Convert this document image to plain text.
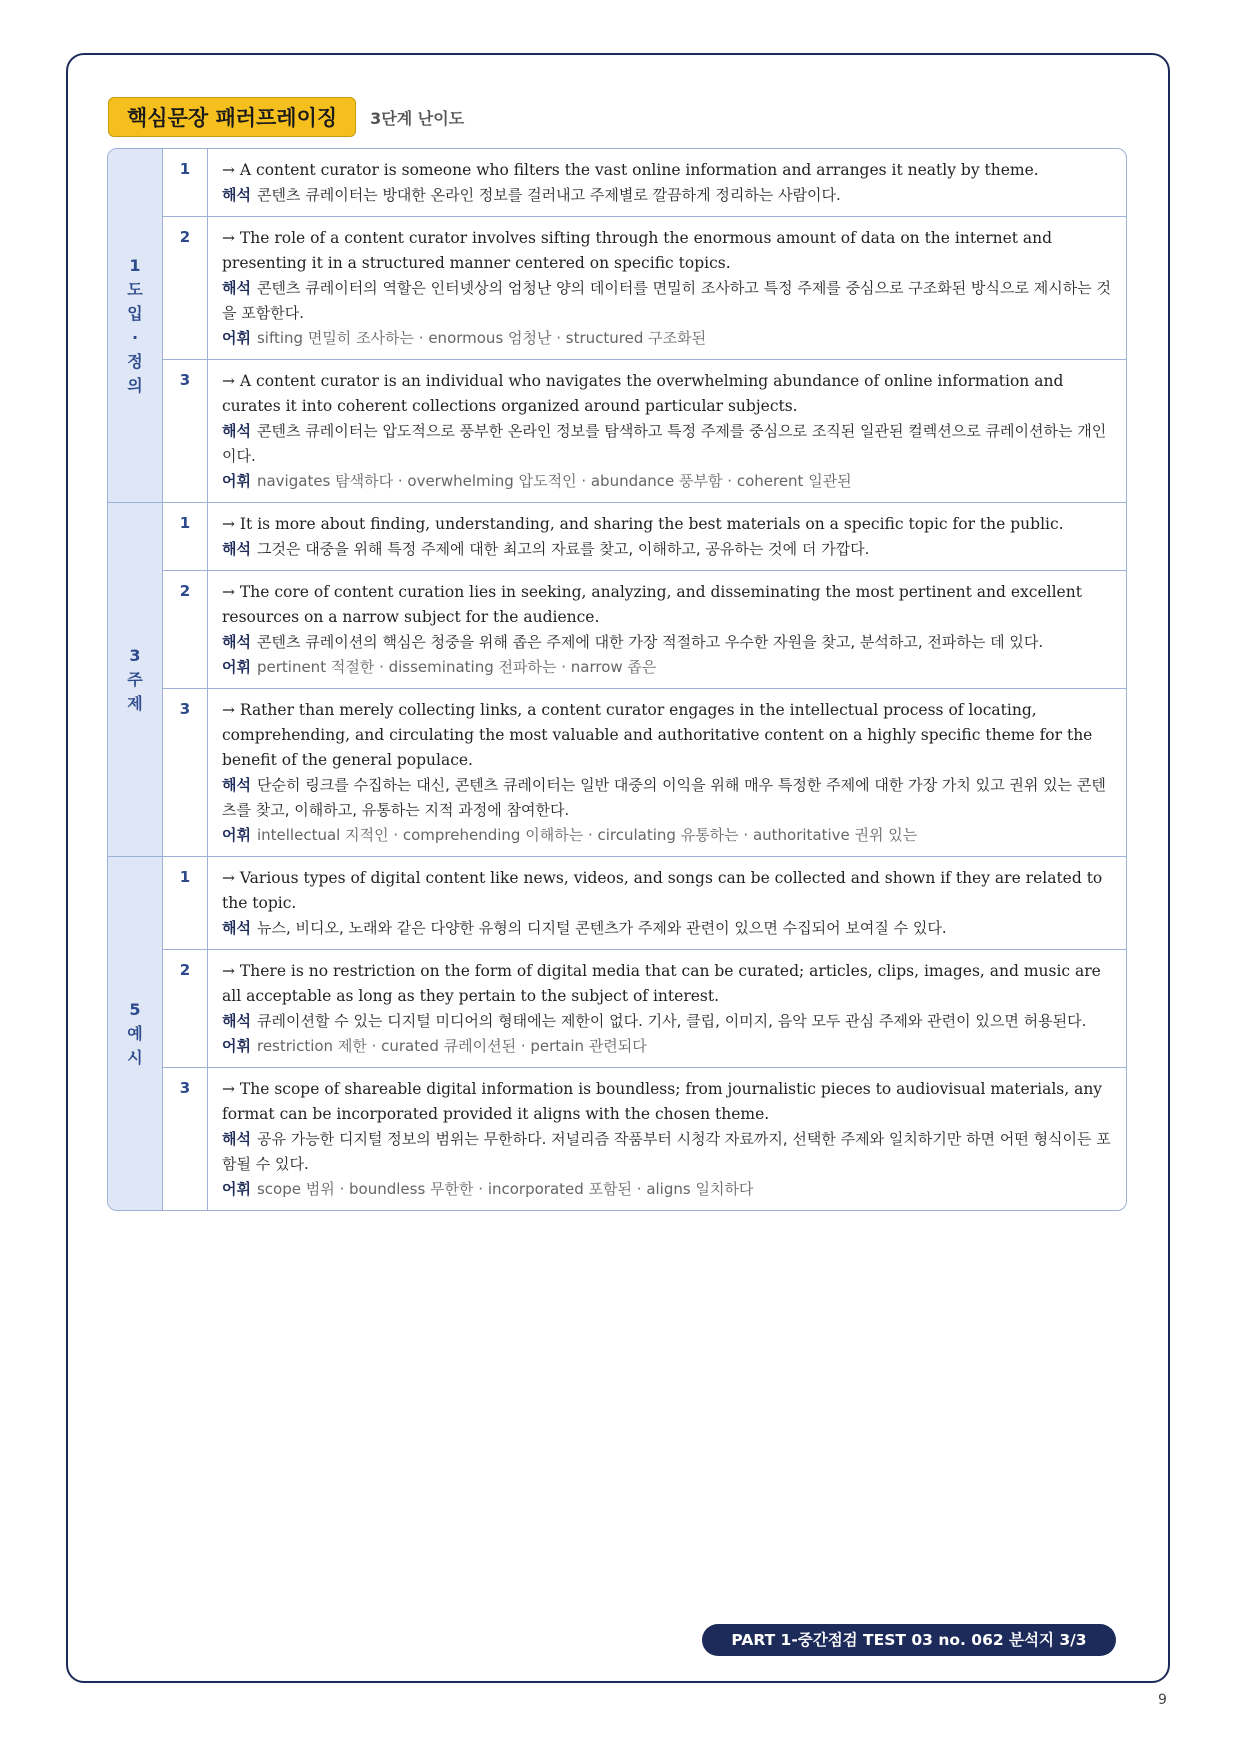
핵심문장 패러프레이징	3단계 난이도
1 도입·정의
1	→ A content curator is someone who filters the vast online information and arranges it neatly by theme.
해석 콘텐츠 큐레이터는 방대한 온라인 정보를 걸러내고 주제별로 깔끔하게 정리하는 사람이다.
2	→ The role of a content curator involves sifting through the enormous amount of data on the internet and presenting it in a structured manner centered on specific topics.
해석 콘텐츠 큐레이터의 역할은 인터넷상의 엄청난 양의 데이터를 면밀히 조사하고 특정 주제를 중심으로 구조화된 방식으로 제시하는 것을 포함한다.
어휘 sifting 면밀히 조사하는 · enormous 엄청난 · structured 구조화된
3	→ A content curator is an individual who navigates the overwhelming abundance of online information and curates it into coherent collections organized around particular subjects.
해석 콘텐츠 큐레이터는 압도적으로 풍부한 온라인 정보를 탐색하고 특정 주제를 중심으로 조직된 일관된 컬렉션으로 큐레이션하는 개인이다.
어휘 navigates 탐색하다 · overwhelming 압도적인 · abundance 풍부함 · coherent 일관된
3 주제
1	→ It is more about finding, understanding, and sharing the best materials on a specific topic for the public.
해석 그것은 대중을 위해 특정 주제에 대한 최고의 자료를 찾고, 이해하고, 공유하는 것에 더 가깝다.
2	→ The core of content curation lies in seeking, analyzing, and disseminating the most pertinent and excellent resources on a narrow subject for the audience.
해석 콘텐츠 큐레이션의 핵심은 청중을 위해 좁은 주제에 대한 가장 적절하고 우수한 자원을 찾고, 분석하고, 전파하는 데 있다.
어휘 pertinent 적절한 · disseminating 전파하는 · narrow 좁은
3	→ Rather than merely collecting links, a content curator engages in the intellectual process of locating, comprehending, and circulating the most valuable and authoritative content on a highly specific theme for the benefit of the general populace.
해석 단순히 링크를 수집하는 대신, 콘텐츠 큐레이터는 일반 대중의 이익을 위해 매우 특정한 주제에 대한 가장 가치 있고 권위 있는 콘텐츠를 찾고, 이해하고, 유통하는 지적 과정에 참여한다.
어휘 intellectual 지적인 · comprehending 이해하는 · circulating 유통하는 · authoritative 권위 있는
5 예시
1	→ Various types of digital content like news, videos, and songs can be collected and shown if they are related to the topic.
해석 뉴스, 비디오, 노래와 같은 다양한 유형의 디지털 콘텐츠가 주제와 관련이 있으면 수집되어 보여질 수 있다.
2	→ There is no restriction on the form of digital media that can be curated; articles, clips, images, and music are all acceptable as long as they pertain to the subject of interest.
해석 큐레이션할 수 있는 디지털 미디어의 형태에는 제한이 없다. 기사, 클립, 이미지, 음악 모두 관심 주제와 관련이 있으면 허용된다.
어휘 restriction 제한 · curated 큐레이션된 · pertain 관련되다
3	→ The scope of shareable digital information is boundless; from journalistic pieces to audiovisual materials, any format can be incorporated provided it aligns with the chosen theme.
해석 공유 가능한 디지털 정보의 범위는 무한하다. 저널리즘 작품부터 시청각 자료까지, 선택한 주제와 일치하기만 하면 어떤 형식이든 포함될 수 있다.
어휘 scope 범위 · boundless 무한한 · incorporated 포함된 · aligns 일치하다
PART 1-중간점검 TEST 03 no. 062 분석지 3/3
9
